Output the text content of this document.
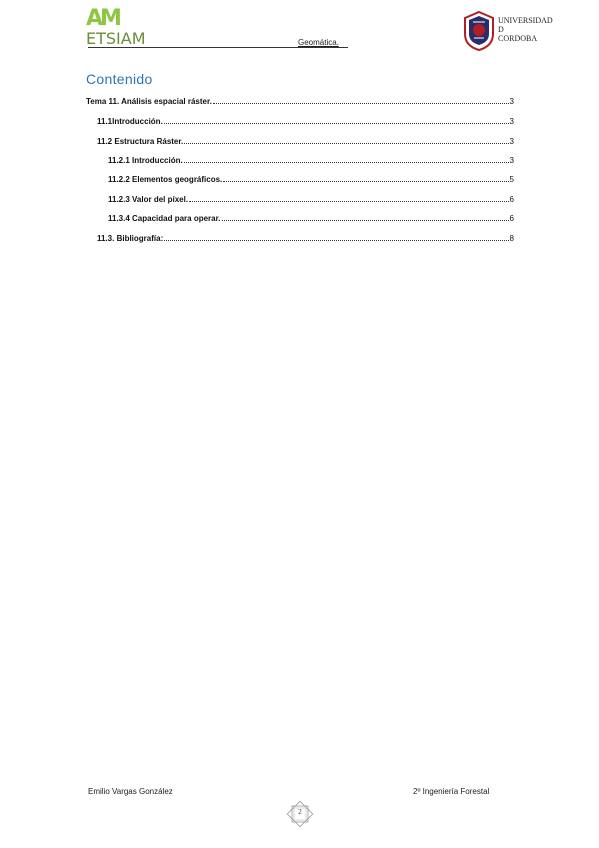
AM
ETSIAM	Geomática.
UNIVERSIDAD
D
CORDOBA
Contenido
Tema 11. Análisis espacial ráster.	3
11.1Introducción.	3
11.2 Estructura Ráster.	3
11.2.1 Introducción.	3
11.2.2 Elementos geográficos.	5
11.2.3 Valor del píxel.	6
11.3.4 Capacidad para operar.	6
11.3. Bibliografía:	8
Emilio Vargas González	2º Ingeniería Forestal
2
